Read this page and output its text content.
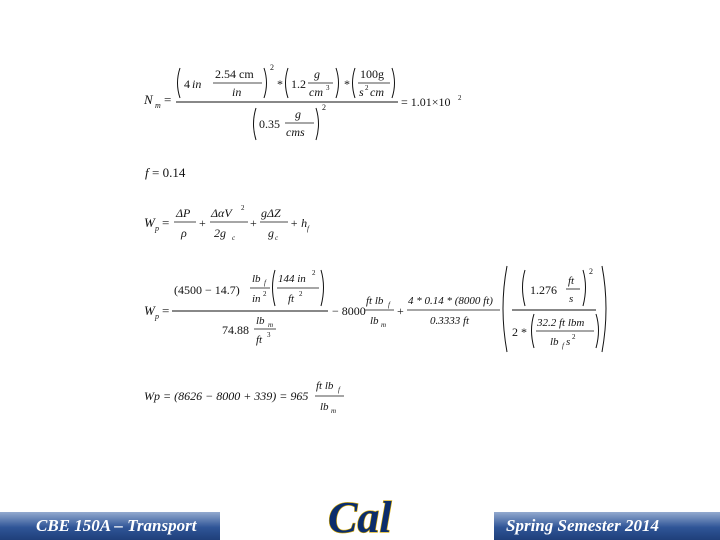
N m =
4 in
2.54 cm
in
2
* 1.2
g
cm 3 *
100g
s 2 cm
0.35
g
cms
2	= 1.01×10 2
f = 0.14
W p =
ΔP
ρ
+
ΔαV 2
2g c
+
gΔZ
g c
+ h f
W p =
(4500 − 14.7)
lb f
in 2
144 in 2
ft 2
74.88
lb m
ft 3
− 8000
ft lb f
lb m
+
4 * 0.14 * (8000 ft)
0.3333 ft
1.276
ft
s
2
2 *
32.2 ft lbm
lb f s 2
Wp = (8626 − 8000 + 339) = 965
ft lb f
lb m
CBE 150A – Transport	Cal	Spring Semester 2014
